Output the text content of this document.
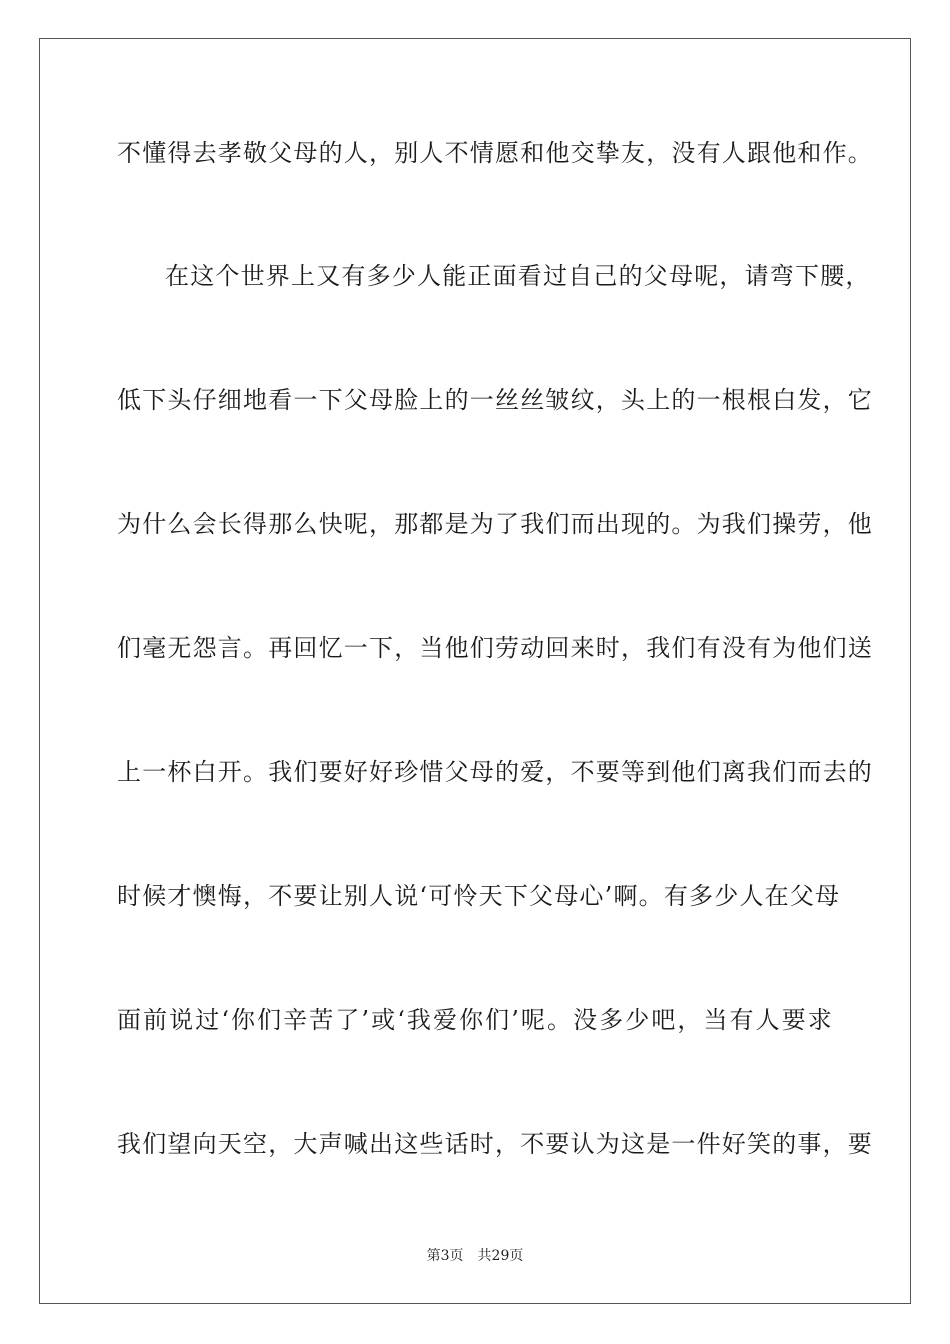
不懂得去孝敬父母的人，别人不情愿和他交挚友，没有人跟他和作。
在这个世界上又有多少人能正面看过自己的父母呢，请弯下腰，
低下头仔细地看一下父母脸上的一丝丝皱纹，头上的一根根白发，它
为什么会长得那么快呢，那都是为了我们而出现的。为我们操劳，他
们毫无怨言。再回忆一下，当他们劳动回来时，我们有没有为他们送
上一杯白开。我们要好好珍惜父母的爱，不要等到他们离我们而去的
时候才懊悔，不要让别人说‘可怜天下父母心’啊。有多少人在父母
面前说过‘你们辛苦了’或‘我爱你们’呢。没多少吧，当有人要求
我们望向天空，大声喊出这些话时，不要认为这是一件好笑的事，要
第3页 共29页
